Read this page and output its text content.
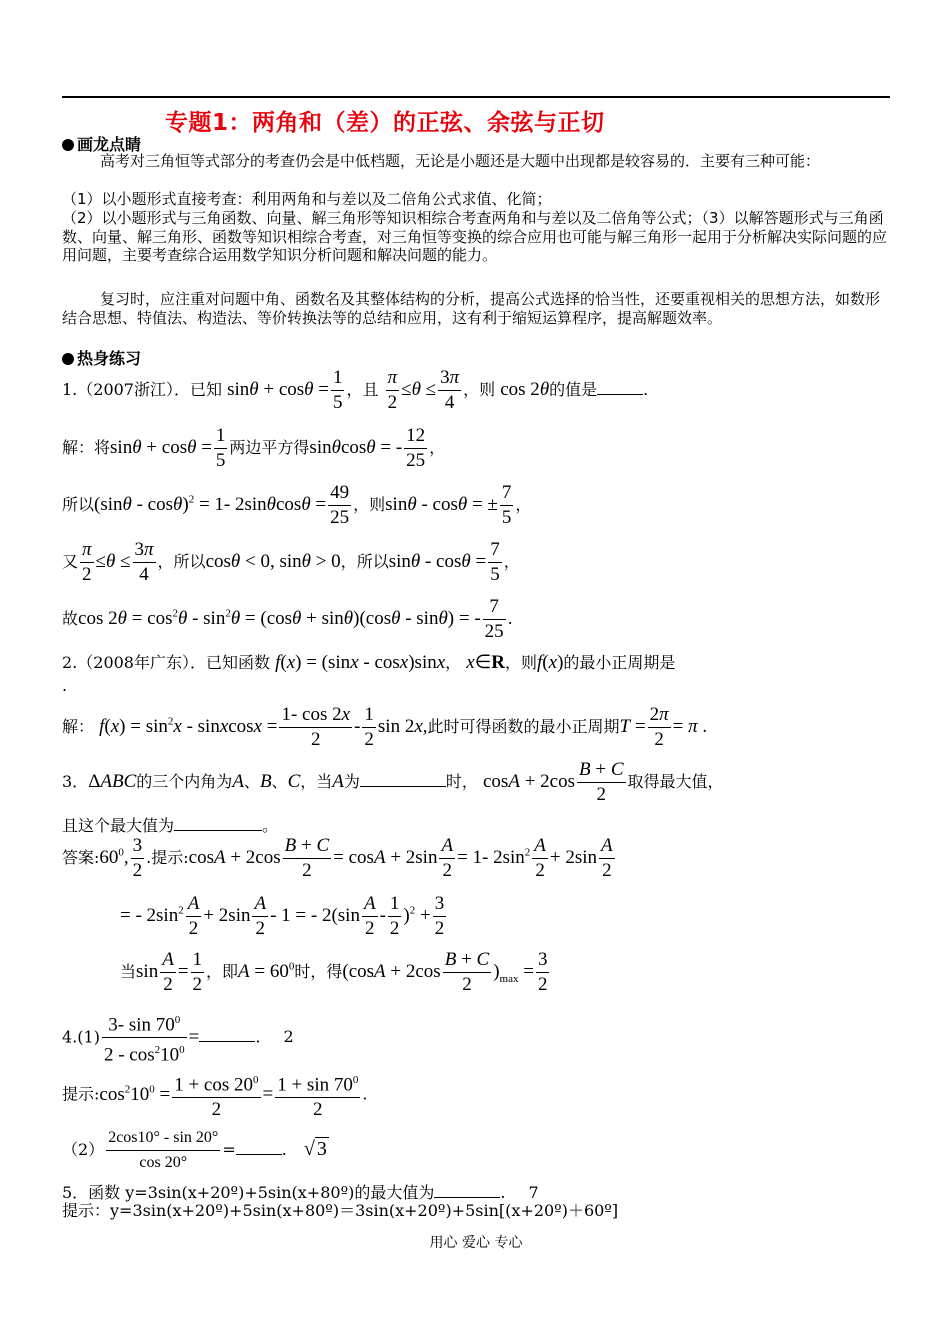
专题1：两角和（差）的正弦、余弦与正切
画龙点睛
高考对三角恒等式部分的考查仍会是中低档题，无论是小题还是大题中出现都是较容易的．主要有三种可能：
（1）以小题形式直接考查：利用两角和与差以及二倍角公式求值、化简；
（2）以小题形式与三角函数、向量、解三角形等知识相综合考查两角和与差以及二倍角等公式；（3）以解答题形式与三角函数、向量、解三角形、函数等知识相综合考查，对三角恒等变换的综合应用也可能与解三角形一起用于分析解决实际问题的应用问题，主要考查综合运用数学知识分析问题和解决问题的能力。
复习时，应注重对问题中角、函数名及其整体结构的分析，提高公式选择的恰当性，还要重视相关的思想方法，如数形结合思想、特值法、构造法、等价转换法等的总结和应用，这有利于缩短运算程序，提高解题效率。
热身练习
1.（2007浙江）．已知 $\sin\theta + \cos\theta = \frac{1}{5}$ ，且 $\frac{\pi}{2} \le\theta \le \frac{3\pi}{4}$ ，则 cos 2θ的值是	.
解：将$\sin\theta + \cos\theta = \frac{1}{5}$ 两边平方得sinθcosθ = - $\frac{12}{25}$ ，
所以(sinθ - cosθ)$^2$ = 1- $2\sin\theta\cos\theta = \frac{49}{25}$ ，则sinθ - cosθ = ± $\frac{7}{5}$ ，
又 $\frac{\pi}{2} \le\theta \le \frac{3\pi}{4}$ ，所以cosθ < 0, sinθ > 0，所以$\sin\theta - \cos\theta = \frac{7}{5}$ ，
故$\cos 2\theta = \cos^2\theta - \sin^2\theta = (\cos\theta + \sin\theta)(\cos\theta - \sin\theta)$ = - $\frac{7}{25}$ .
2.（2008年广东）．已知函数 f(x) = (sinx - cosx)sinx， x∈R，则f(x)的最小正周期是
.
解： $f(x) = \sin^2x$ - sinxcosx = $\frac{1- \cos 2x}{2} - \frac{1}{2}$ sin 2x,此时可得函数的最小正周期$T = \frac{2\pi}{2} = \pi$ .
3．ΔABC的三个内角为A、B、C，当A为	时， $\cos A + 2\cos \frac{B + C}{2}$ 取得最大值，
且这个最大值为	。
答案$:60^0$, $\frac{3}{2}$ .提示:cosA + $2\cos \frac{B + C}{2} = \cos A + 2\sin \frac{A}{2} = 1-$ $2\sin^2 \frac{A}{2} + 2\sin \frac{A}{2}$
= - $2\sin^2 \frac{A}{2} + 2\sin \frac{A}{2} - 1$ = - $2(\sin \frac{A}{2} - \frac{1}{2} )^2 + \frac{3}{2}$
当$\sin \frac{A}{2} = \frac{1}{2}$ ，即$A = 60^0$时，得$(\cos A + 2\cos \frac{B + C}{2} )_{max} = \frac{3}{2}$
$4.(1) \frac{3- \sin 70^0}{2 - \cos^210^0}$ =	. 2
提示$:\cos^210^0 = \frac{1 + \cos 20^0}{2} = \frac{1 + \sin 70^0}{2}$ .
$(2) \frac{2\cos 10^\circ - \sin 20^\circ}{\cos 20^\circ}$ =	. √ 3
5．函数 y=3sin(x+20º)+5sin(x+80º)的最大值为	. 7
提示：y=3sin(x+20º)+5sin(x+80º)＝3sin(x+20º)+5sin[(x+20º)＋60º]
用心 爱心 专心
